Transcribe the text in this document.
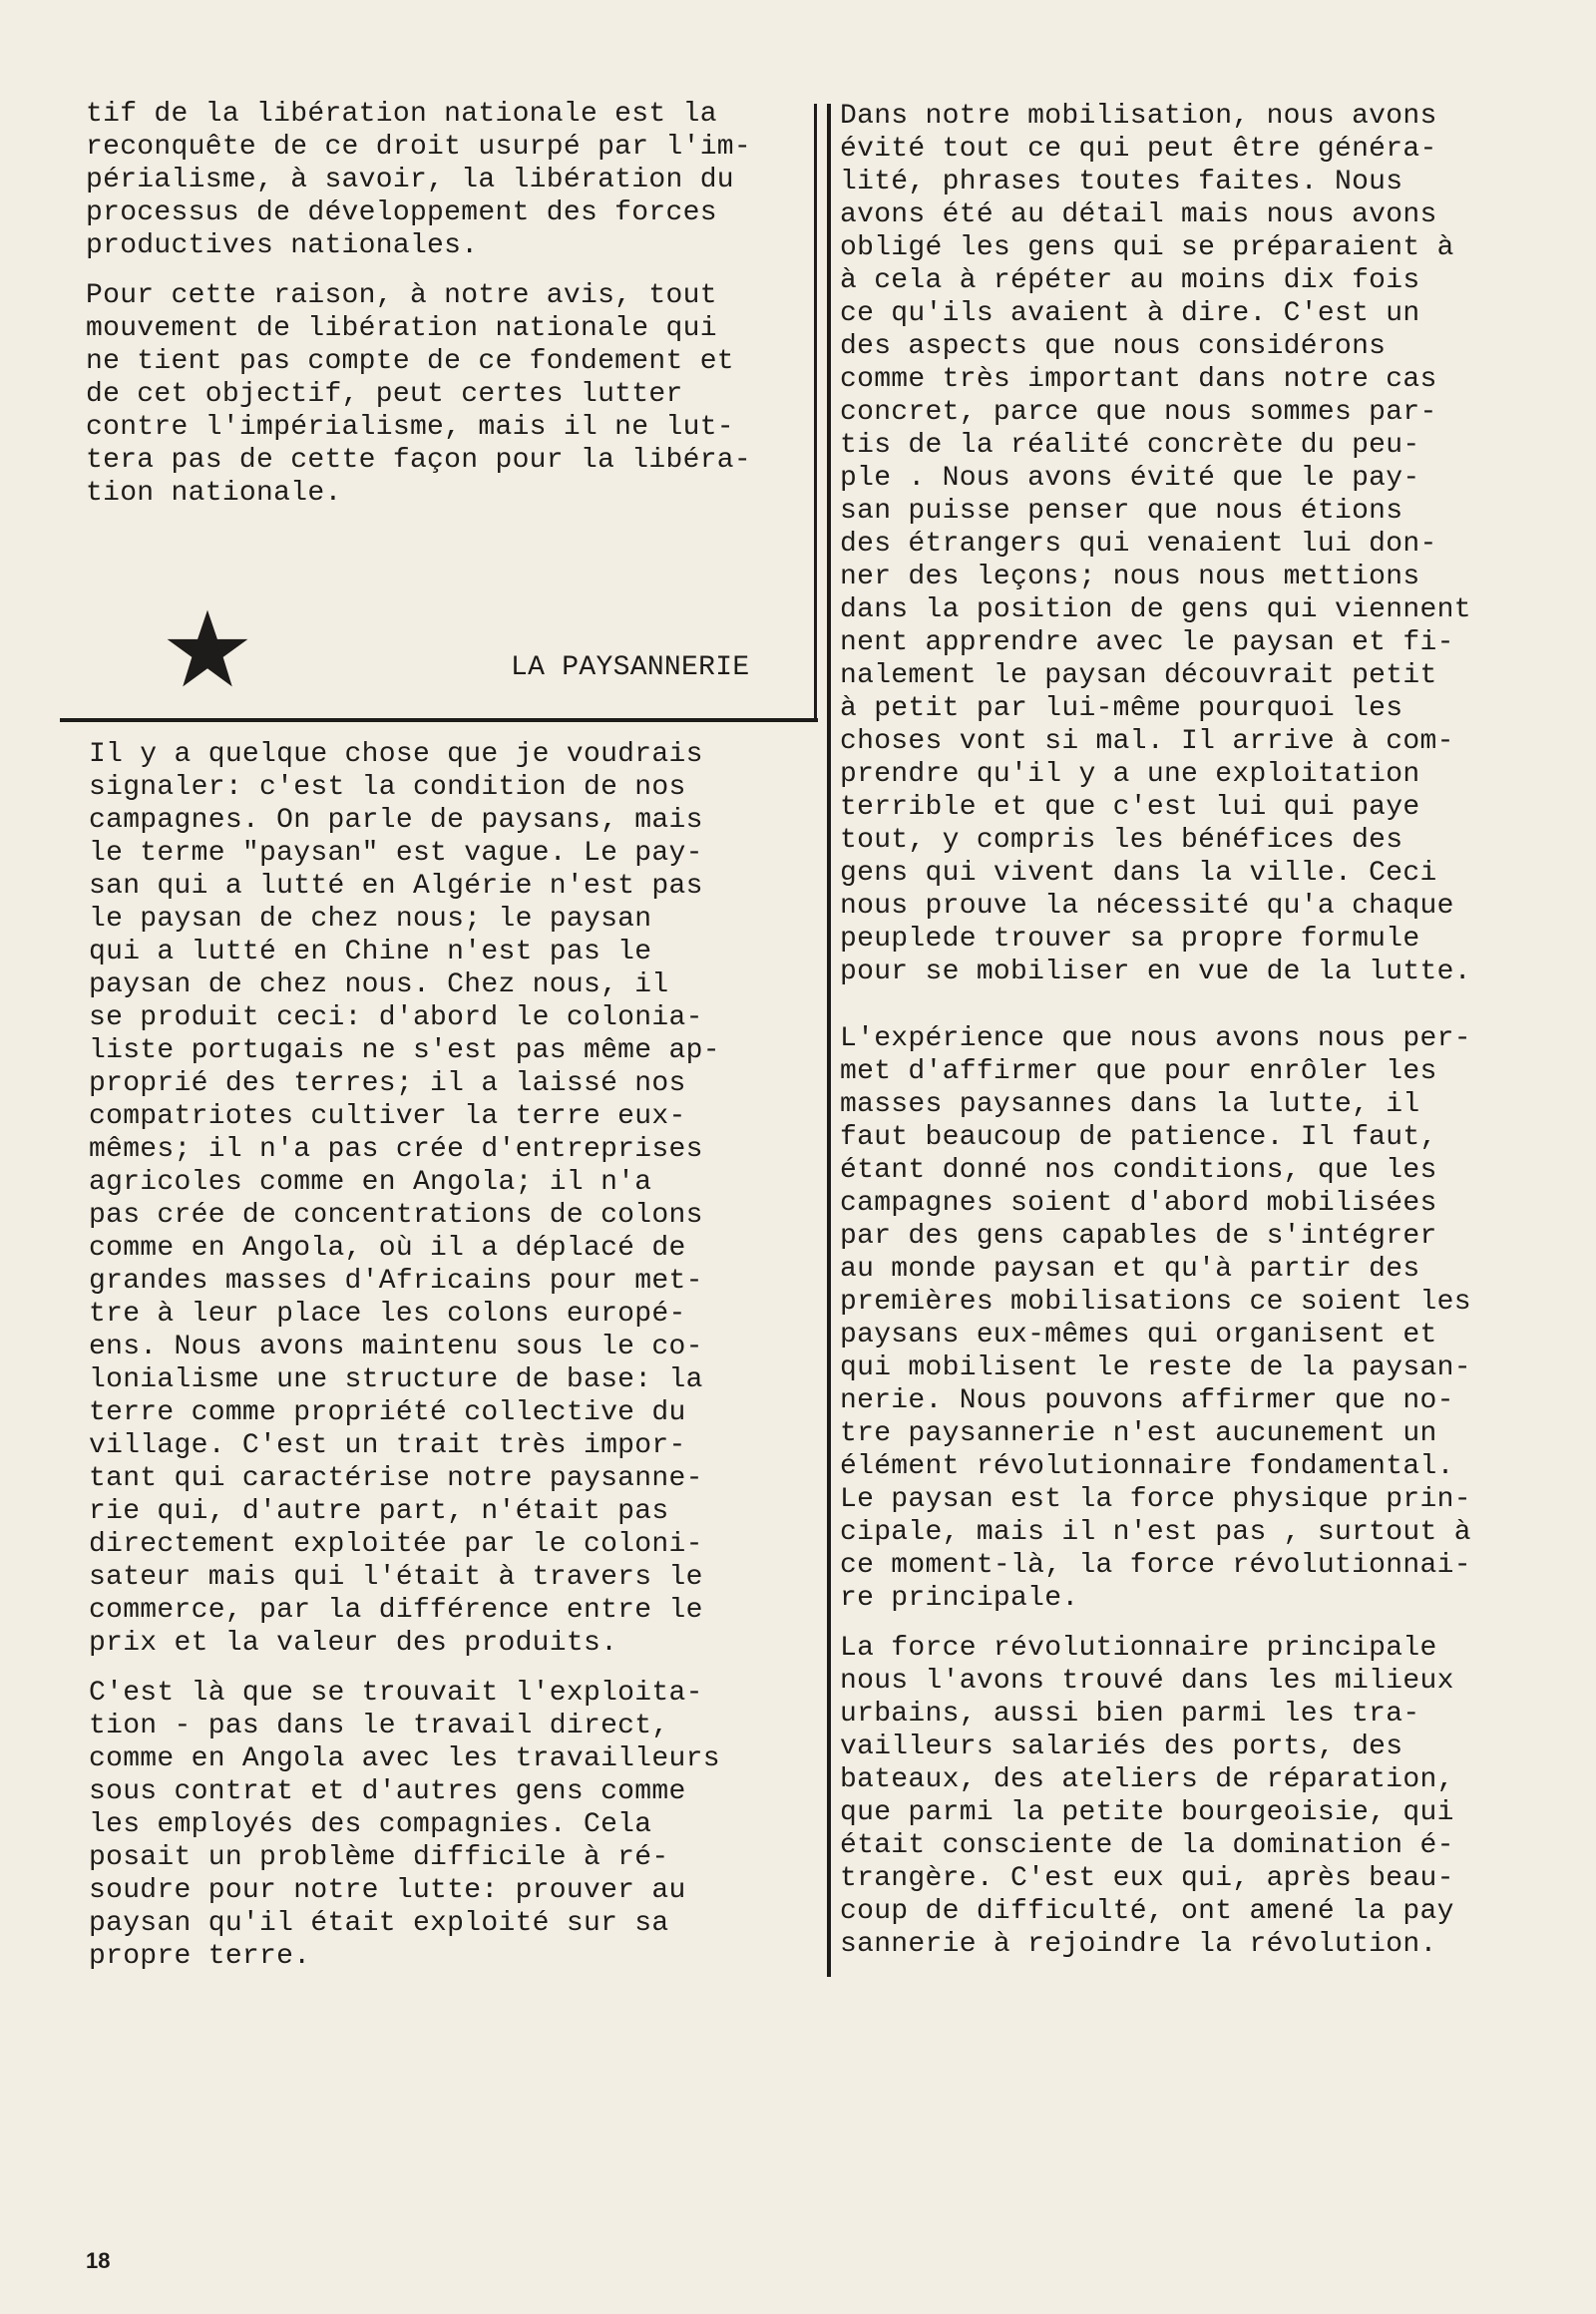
tif de la libération nationale est la
reconquête de ce droit usurpé par l'im-
périalisme, à savoir, la libération du
processus de développement des forces
productives nationales.
Pour cette raison, à notre avis, tout
mouvement de libération nationale qui
ne tient pas compte de ce fondement et
de cet objectif, peut certes lutter
contre l'impérialisme, mais il ne lut-
tera pas de cette façon pour la libéra-
tion nationale.
LA PAYSANNERIE
Il y a quelque chose que je voudrais
signaler: c'est la condition de nos
campagnes. On parle de paysans, mais
le terme "paysan" est vague. Le pay-
san qui a lutté en Algérie n'est pas
le paysan de chez nous; le paysan
qui a lutté en Chine n'est pas le
paysan de chez nous. Chez nous, il
se produit ceci: d'abord le colonia-
liste portugais ne s'est pas même ap-
proprié des terres; il a laissé nos
compatriotes cultiver la terre eux-
mêmes; il n'a pas crée d'entreprises
agricoles comme en Angola; il n'a
pas crée de concentrations de colons
comme en Angola, où il a déplacé de
grandes masses d'Africains pour met-
tre à leur place les colons europé-
ens. Nous avons maintenu sous le co-
lonialisme une structure de base: la
terre comme propriété collective du
village. C'est un trait très impor-
tant qui caractérise notre paysanne-
rie qui, d'autre part, n'était pas
directement exploitée par le coloni-
sateur mais qui l'était à travers le
commerce, par la différence entre le
prix et la valeur des produits.
C'est là que se trouvait l'exploita-
tion - pas dans le travail direct,
comme en Angola avec les travailleurs
sous contrat et d'autres gens comme
les employés des compagnies. Cela
posait un problème difficile à ré-
soudre pour notre lutte: prouver au
paysan qu'il était exploité sur sa
propre terre.
Dans notre mobilisation, nous avons
évité tout ce qui peut être généra-
lité, phrases toutes faites. Nous
avons été au détail mais nous avons
obligé les gens qui se préparaient à
à cela à répéter au moins dix fois
ce qu'ils avaient à dire. C'est un
des aspects que nous considérons
comme très important dans notre cas
concret, parce que nous sommes par-
tis de la réalité concrète du peu-
ple . Nous avons évité que le pay-
san puisse penser que nous étions
des étrangers qui venaient lui don-
ner des leçons; nous nous mettions
dans la position de gens qui viennent
nent apprendre avec le paysan et fi-
nalement le paysan découvrait petit
à petit par lui-même pourquoi les
choses vont si mal. Il arrive à com-
prendre qu'il y a une exploitation
terrible et que c'est lui qui paye
tout, y compris les bénéfices des
gens qui vivent dans la ville. Ceci
nous prouve la nécessité qu'a chaque
peuplede trouver sa propre formule
pour se mobiliser en vue de la lutte.
L'expérience que nous avons nous per-
met d'affirmer que pour enrôler les
masses paysannes dans la lutte, il
faut beaucoup de patience. Il faut,
étant donné nos conditions, que les
campagnes soient d'abord mobilisées
par des gens capables de s'intégrer
au monde paysan et qu'à partir des
premières mobilisations ce soient les
paysans eux-mêmes qui organisent et
qui mobilisent le reste de la paysan-
nerie. Nous pouvons affirmer que no-
tre paysannerie n'est aucunement un
élément révolutionnaire fondamental.
Le paysan est la force physique prin-
cipale, mais il n'est pas , surtout à
ce moment-là, la force révolutionnai-
re principale.
La force révolutionnaire principale
nous l'avons trouvé dans les milieux
urbains, aussi bien parmi les tra-
vailleurs salariés des ports, des
bateaux, des ateliers de réparation,
que parmi la petite bourgeoisie, qui
était consciente de la domination é-
trangère. C'est eux qui, après beau-
coup de difficulté, ont amené la pay
sannerie à rejoindre la révolution.
18
